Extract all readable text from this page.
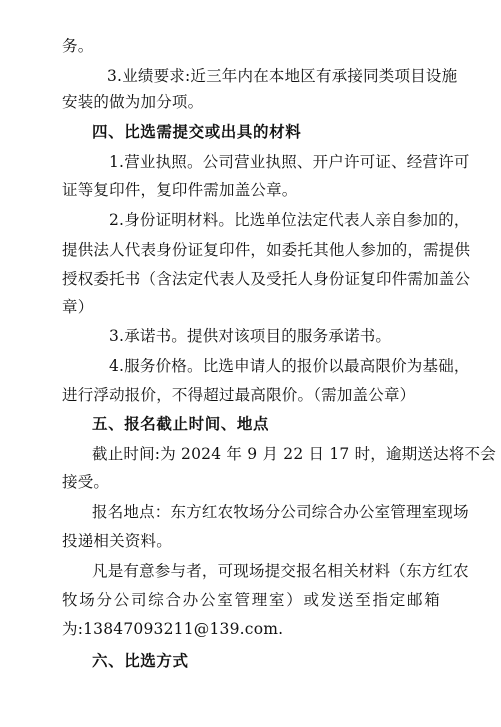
务。
3.业绩要求:近三年内在本地区有承接同类项目设施
安装的做为加分项。
四、比选需提交或出具的材料
1.营业执照。公司营业执照、开户许可证、经营许可
证等复印件，复印件需加盖公章。
2.身份证明材料。比选单位法定代表人亲自参加的，
提供法人代表身份证复印件，如委托其他人参加的，需提供
授权委托书（含法定代表人及受托人身份证复印件需加盖公
章）
3.承诺书。提供对该项目的服务承诺书。
4.服务价格。比选申请人的报价以最高限价为基础，
进行浮动报价，不得超过最高限价。（需加盖公章）
五、报名截止时间、地点
截止时间:为 2024 年 9 月 22 日 17 时，逾期送达将不会
接受。
报名地点：东方红农牧场分公司综合办公室管理室现场
投递相关资料。
凡是有意参与者，可现场提交报名相关材料（东方红农
牧场分公司综合办公室管理室）或发送至指定邮箱
为:13847093211@139.com.
六、比选方式
